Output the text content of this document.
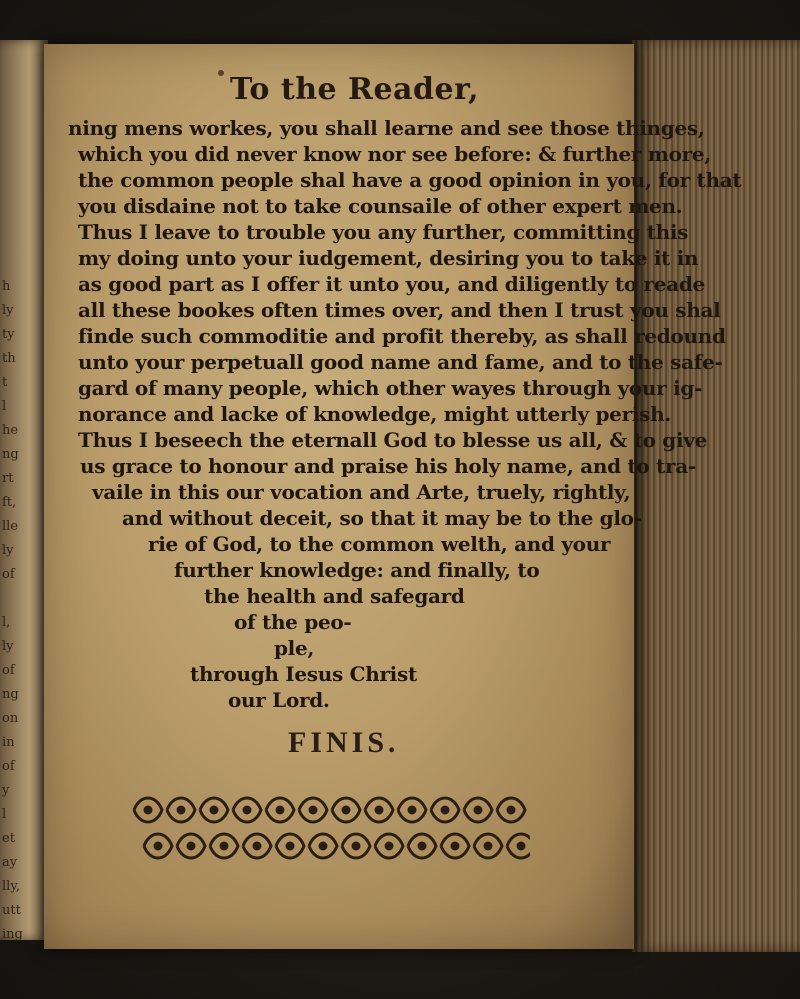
h
ly
ty
th
t
l
he
ng
rt
ft,
lle
ly
of
l,
ly
of
ng
on
in
of
y
l
et
ay
lly,
utt
ing
To the Reader,
ning mens workes, you shall learne and see those thinges,
which you did never know nor see before: & further more,
the common people shal have a good opinion in you, for that
you disdaine not to take counsaile of other expert men.
Thus I leave to trouble you any further, committing this
my doing unto your iudgement, desiring you to take it in
as good part as I offer it unto you, and diligently to reade
all these bookes often times over, and then I trust you shal
finde such commoditie and profit thereby, as shall redound
unto your perpetuall good name and fame, and to the safe-
gard of many people, which other wayes through your ig-
norance and lacke of knowledge, might utterly perish.
Thus I beseech the eternall God to blesse us all, & to give
us grace to honour and praise his holy name, and to tra-
vaile in this our vocation and Arte, truely, rightly,
and without deceit, so that it may be to the glo-
rie of God, to the common welth, and your
further knowledge: and finally, to
the health and safegard
of the peo-
ple,
through Iesus Christ
our Lord.
FINIS.
